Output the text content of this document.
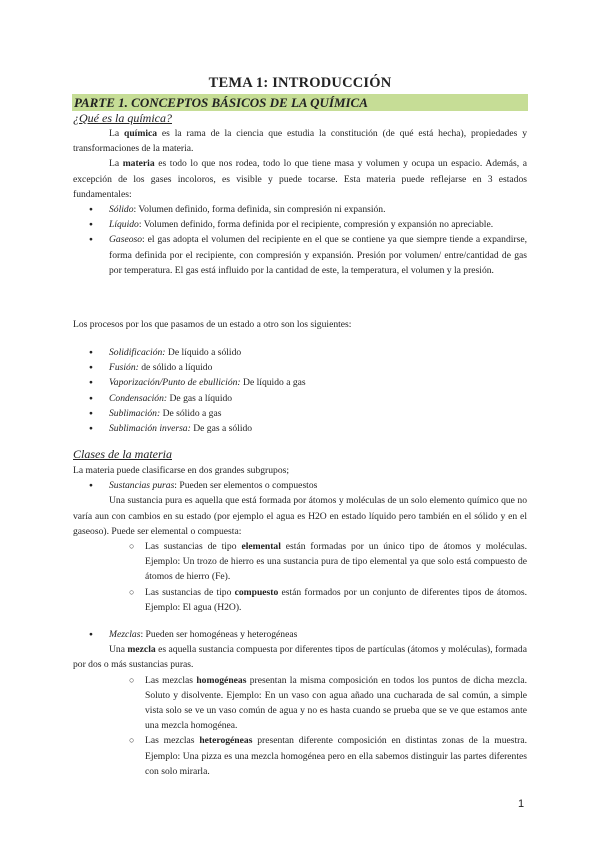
TEMA 1: INTRODUCCIÓN
PARTE 1. CONCEPTOS BÁSICOS DE LA QUÍMICA
¿Qué es la química?

La química es la rama de la ciencia que estudia la constitución (de qué está hecha), propiedades y transformaciones de la materia.

La materia es todo lo que nos rodea, todo lo que tiene masa y volumen y ocupa un espacio. Además, a excepción de los gases incoloros, es visible y puede tocarse. Esta materia puede reflejarse en 3 estados fundamentales:

● Sólido: Volumen definido, forma definida, sin compresión ni expansión.
● Líquido: Volumen definido, forma definida por el recipiente, compresión y expansión no apreciable.
● Gaseoso: el gas adopta el volumen del recipiente en el que se contiene ya que siempre tiende a expandirse, forma definida por el recipiente, con compresión y expansión. Presión por volumen/ entre/cantidad de gas por temperatura. El gas está influido por la cantidad de este, la temperatura, el volumen y la presión.
Los procesos por los que pasamos de un estado a otro son los siguientes:
● Solidificación: De líquido a sólido
● Fusión: de sólido a líquido
● Vaporización/Punto de ebullición: De líquido a gas
● Condensación: De gas a líquido
● Sublimación: De sólido a gas
● Sublimación inversa: De gas a sólido
Clases de la materia

La materia puede clasificarse en dos grandes subgrupos;

● Sustancias puras: Pueden ser elementos o compuestos

Una sustancia pura es aquella que está formada por átomos y moléculas de un solo elemento químico que no varía aun con cambios en su estado (por ejemplo el agua es H2O en estado líquido pero también en el sólido y en el gaseoso). Puede ser elemental o compuesta:

○ Las sustancias de tipo elemental están formadas por un único tipo de átomos y moléculas. Ejemplo: Un trozo de hierro es una sustancia pura de tipo elemental ya que solo está compuesto de átomos de hierro (Fe).
○ Las sustancias de tipo compuesto están formados por un conjunto de diferentes tipos de átomos. Ejemplo: El agua (H2O).
● Mezclas: Pueden ser homogéneas y heterogéneas

Una mezcla es aquella sustancia compuesta por diferentes tipos de partículas (átomos y moléculas), formada por dos o más sustancias puras.

○ Las mezclas homogéneas presentan la misma composición en todos los puntos de dicha mezcla. Soluto y disolvente. Ejemplo: En un vaso con agua añado una cucharada de sal común, a simple vista solo se ve un vaso común de agua y no es hasta cuando se prueba que se ve que estamos ante una mezcla homogénea.
○ Las mezclas heterogéneas presentan diferente composición en distintas zonas de la muestra. Ejemplo: Una pizza es una mezcla homogénea pero en ella sabemos distinguir las partes diferentes con solo mirarla.
1
